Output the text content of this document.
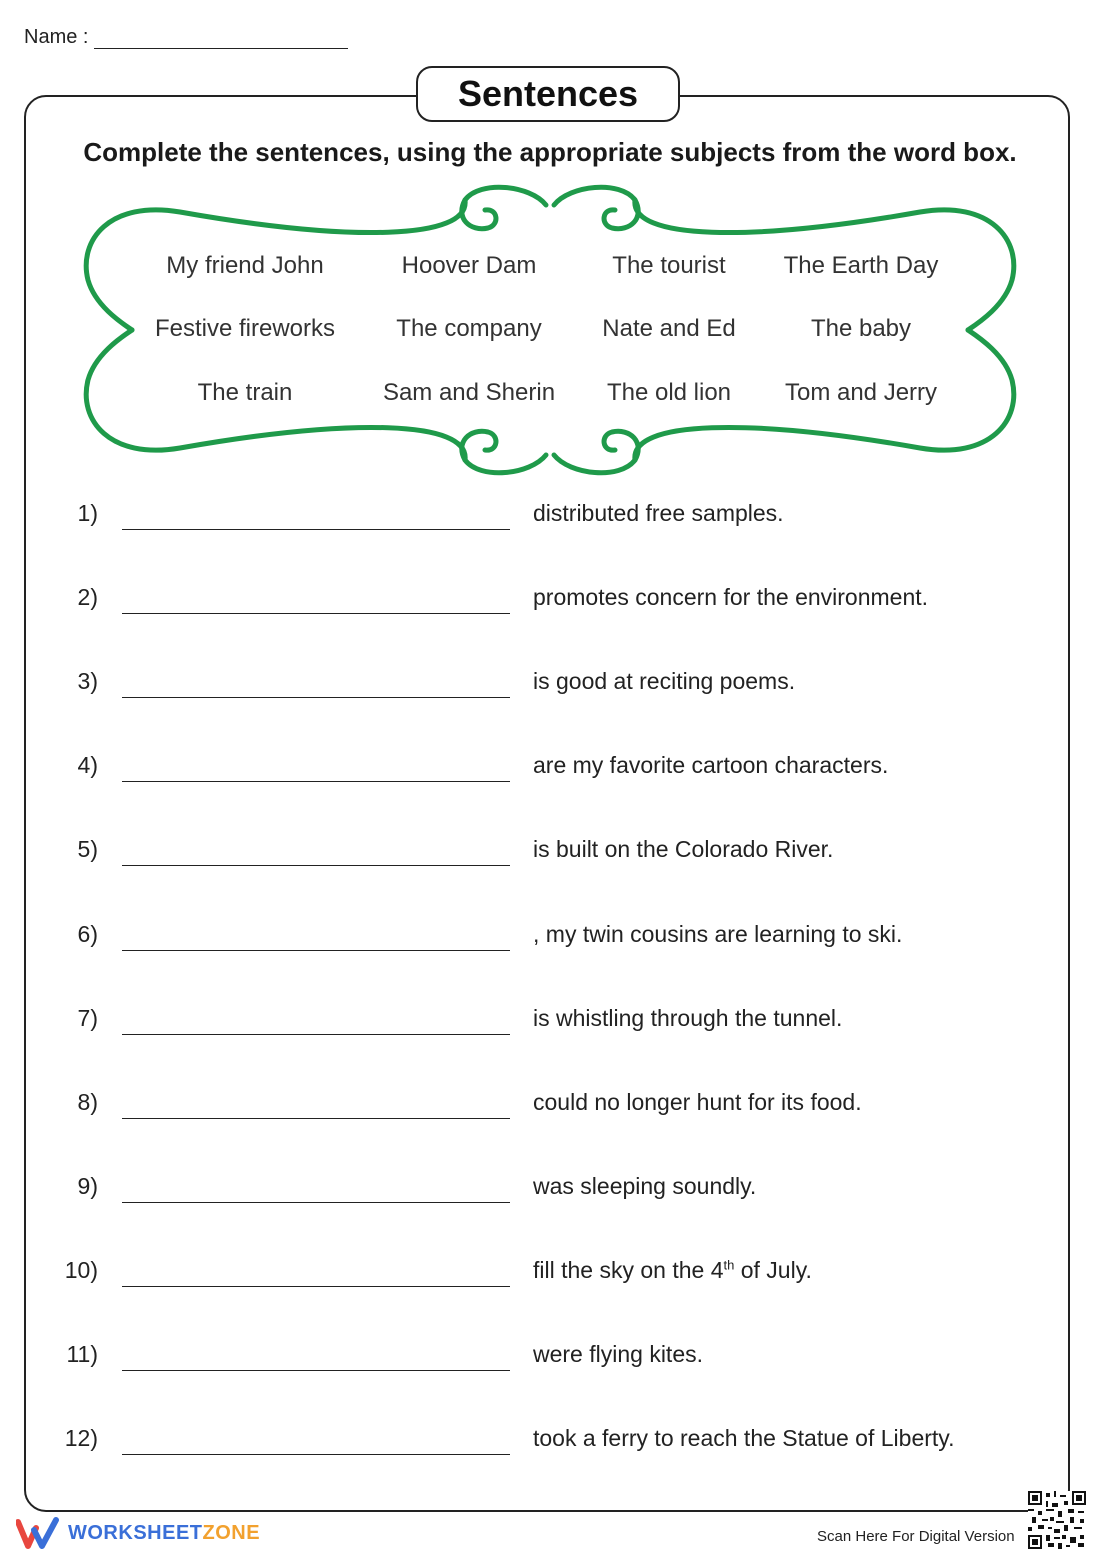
Name :
Sentences
Complete the sentences, using the appropriate subjects from the word box.
My friend John	Hoover Dam	The tourist	The Earth Day
Festive fireworks	The company	Nate and Ed	The baby
The train	Sam and Sherin	The old lion	Tom and Jerry
1)	distributed free samples.
2)	promotes concern for the environment.
3)	is good at reciting poems.
4)	are my favorite cartoon characters.
5)	is built on the Colorado River.
6)	, my twin cousins are learning to ski.
7)	is whistling through the tunnel.
8)	could no longer hunt for its food.
9)	was sleeping soundly.
10)	fill the sky on the 4th of July.
11)	were flying kites.
12)	took a ferry to reach the Statue of Liberty.
WORKSHEETZONE	Scan Here For Digital Version
